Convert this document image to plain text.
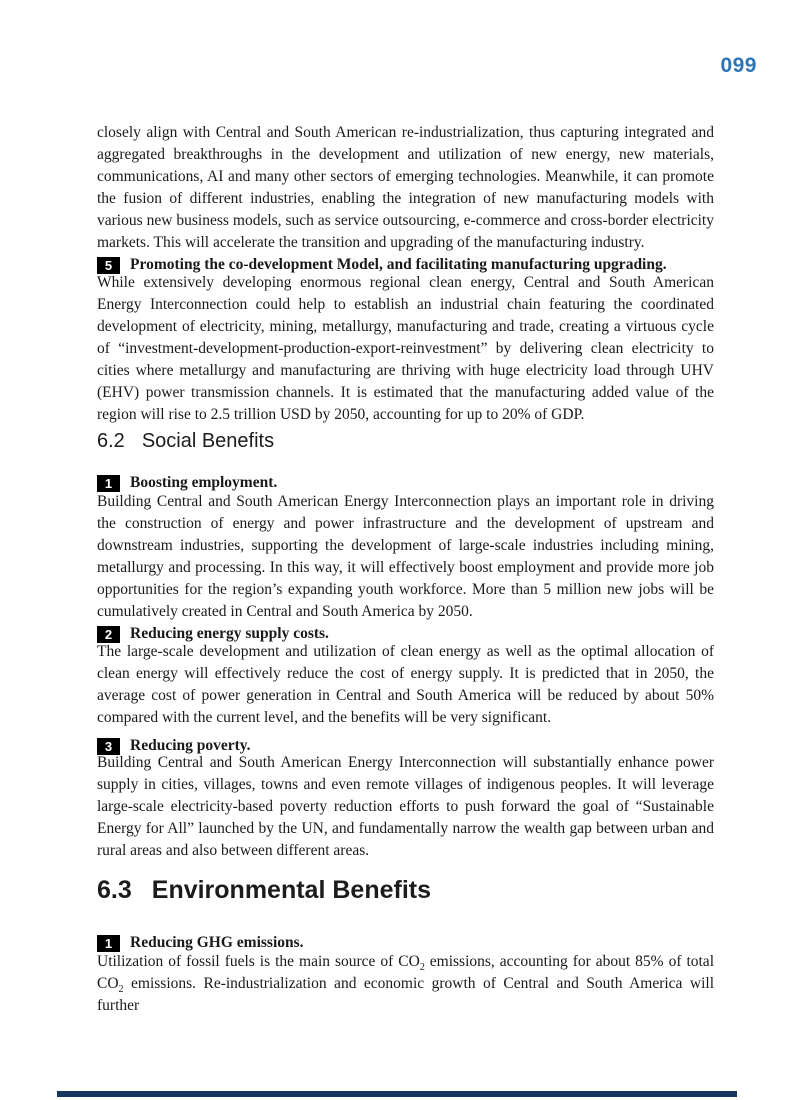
099

closely align with Central and South American re-industrialization, thus capturing integrated and aggregated breakthroughs in the development and utilization of new energy, new materials, communications, AI and many other sectors of emerging technologies. Meanwhile, it can promote the fusion of different industries, enabling the integration of new manufacturing models with various new business models, such as service outsourcing, e-commerce and cross-border electricity markets. This will accelerate the transition and upgrading of the manufacturing industry.

5	Promoting the co-development Model, and facilitating manufacturing upgrading.

While extensively developing enormous regional clean energy, Central and South American Energy Interconnection could help to establish an industrial chain featuring the coordinated development of electricity, mining, metallurgy, manufacturing and trade, creating a virtuous cycle of “investment-development-production-export-reinvestment” by delivering clean electricity to cities where metallurgy and manufacturing are thriving with huge electricity load through UHV (EHV) power transmission channels. It is estimated that the manufacturing added value of the region will rise to 2.5 trillion USD by 2050, accounting for up to 20% of GDP.

6.2 Social Benefits
1	Boosting employment.

Building Central and South American Energy Interconnection plays an important role in driving the construction of energy and power infrastructure and the development of upstream and downstream industries, supporting the development of large-scale industries including mining, metallurgy and processing. In this way, it will effectively boost employment and provide more job opportunities for the region’s expanding youth workforce. More than 5 million new jobs will be cumulatively created in Central and South America by 2050.

2	Reducing energy supply costs.

The large-scale development and utilization of clean energy as well as the optimal allocation of clean energy will effectively reduce the cost of energy supply. It is predicted that in 2050, the average cost of power generation in Central and South America will be reduced by about 50% compared with the current level, and the benefits will be very significant.

3	Reducing poverty.

Building Central and South American Energy Interconnection will substantially enhance power supply in cities, villages, towns and even remote villages of indigenous peoples. It will leverage large-scale electricity-based poverty reduction efforts to push forward the goal of “Sustainable Energy for All” launched by the UN, and fundamentally narrow the wealth gap between urban and rural areas and also between different areas.

6.3 Environmental Benefits
1	Reducing GHG emissions.

Utilization of fossil fuels is the main source of $CO_2$ emissions, accounting for about 85% of total $CO_2$ emissions. Re-industrialization and economic growth of Central and South America will further
